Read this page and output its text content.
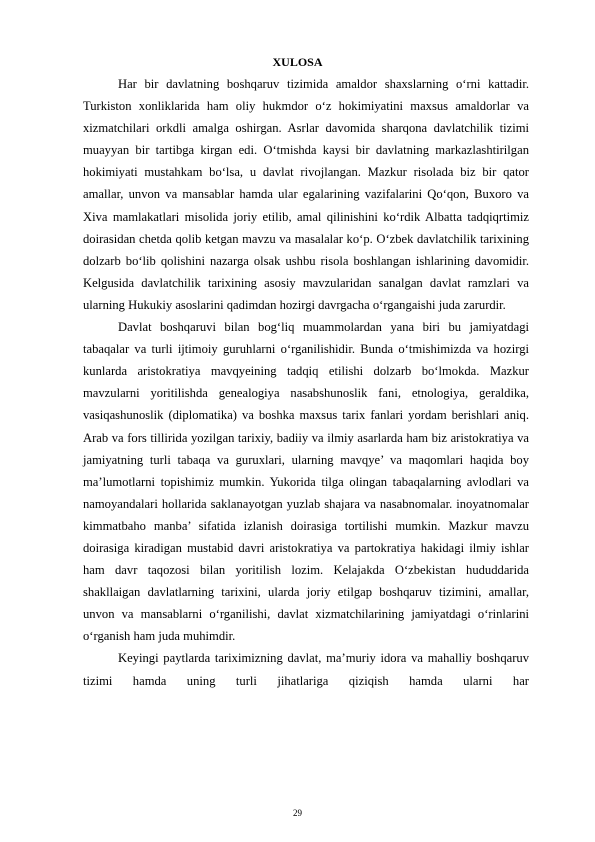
XULOSA

Har bir davlatning boshqaruv tizimida amaldor shaxslarning o‘rni kattadir. Turkiston xonliklarida ham oliy hukmdor o‘z hokimiyatini maxsus amaldorlar va xizmatchilari orkdli amalga oshirgan. Asrlar davomida sharqona davlatchilik tizimi muayyan bir tartibga kirgan edi. O‘tmishda kaysi bir davlatning markazlashtirilgan hokimiyati mustahkam bo‘lsa, u davlat rivojlangan. Mazkur risolada biz bir qator amallar, unvon va mansablar hamda ular egalarining vazifalarini Qo‘qon, Buxoro va Xiva mamlakatlari misolida joriy etilib, amal qilinishini ko‘rdik Albatta tadqiqrtimiz doirasidan chetda qolib ketgan mavzu va masalalar ko‘p. O‘zbek davlatchilik tarixining dolzarb bo‘lib qolishini nazarga olsak ushbu risola boshlangan ishlarining davomidir. Kelgusida davlatchilik tarixining asosiy mavzularidan sanalgan davlat ramzlari va ularning Hukukiy asoslarini qadimdan hozirgi davrgacha o‘rgangaishi juda zarurdir.

Davlat boshqaruvi bilan bog‘liq muammolardan yana biri bu jamiyatdagi tabaqalar va turli ijtimoiy guruhlarni o‘rganilishidir. Bunda o‘tmishimizda va hozirgi kunlarda aristokratiya mavqyeining tadqiq etilishi dolzarb bo‘lmokda. Mazkur mavzularni yoritilishda genealogiya nasabshunoslik fani, etnologiya, geraldika, vasiqashunoslik (diplomatika) va boshka maxsus tarix fanlari yordam berishlari aniq. Arab va fors tillirida yozilgan tarixiy, badiiy va ilmiy asarlarda ham biz aristokratiya va jamiyatning turli tabaqa va guruxlari, ularning mavqye’ va maqomlari haqida boy ma’lumotlarni topishimiz mumkin. Yukorida tilga olingan tabaqalarning avlodlari va namoyandalari hollarida saklanayotgan yuzlab shajara va nasabnomalar. inoyatnomalar kimmatbaho manba’ sifatida izlanish doirasiga tortilishi mumkin. Mazkur mavzu doirasiga kiradigan mustabid davri aristokratiya va partokratiya hakidagi ilmiy ishlar ham davr taqozosi bilan yoritilish lozim. Kelajakda O‘zbekistan hududdarida shakllaigan davlatlarning tarixini, ularda joriy etilgap boshqaruv tizimini, amallar, unvon va mansablarni o‘rganilishi, davlat xizmatchilarining jamiyatdagi o‘rinlarini o‘rganish ham juda muhimdir.

Keyingi paytlarda tariximizning davlat, ma’muriy idora va mahalliy boshqaruv tizimi hamda uning turli jihatlariga qiziqish hamda ularni har

29
